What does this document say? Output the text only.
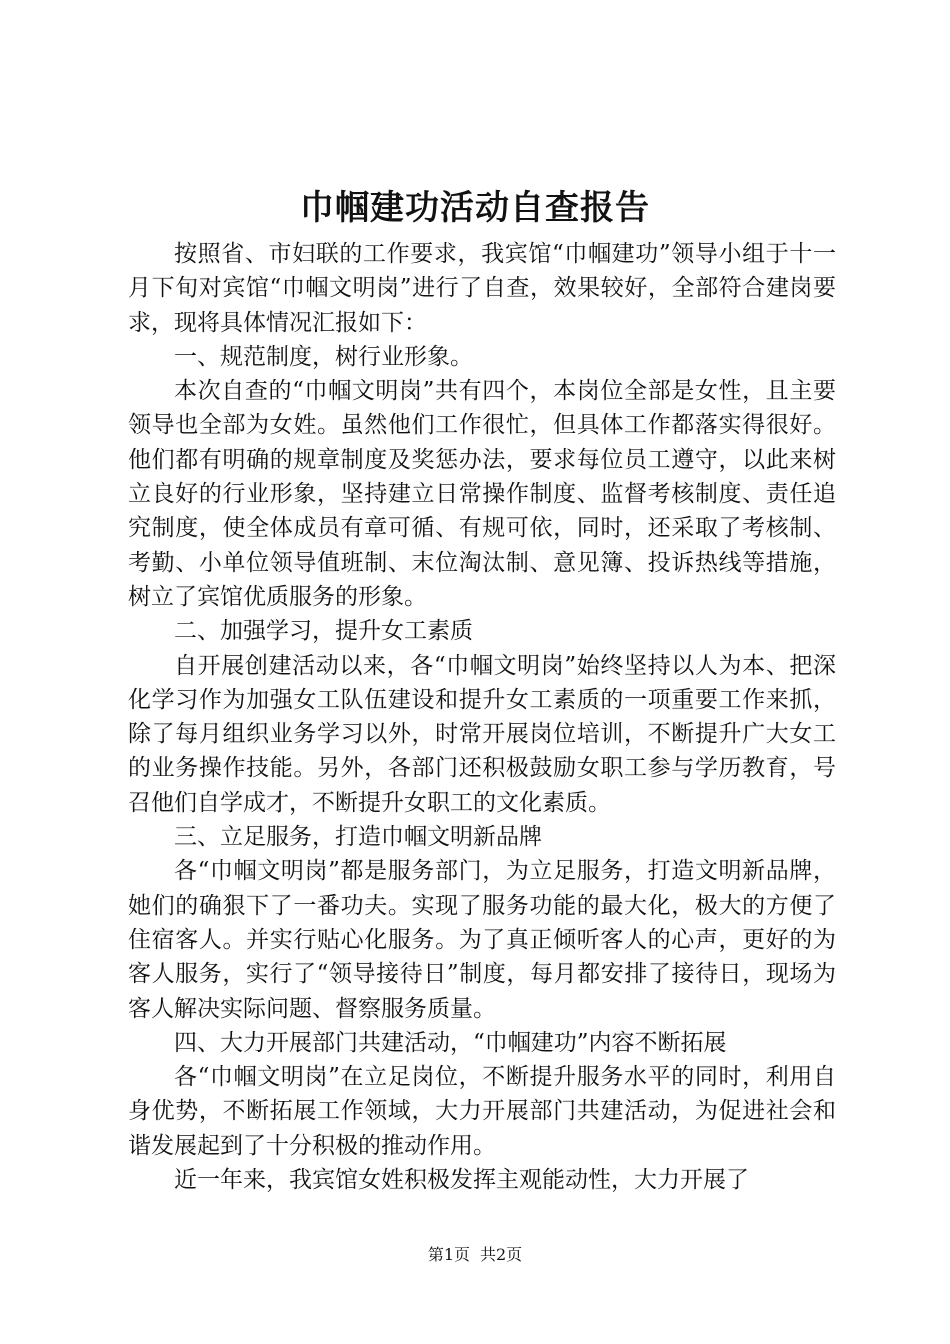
巾帼建功活动自查报告

按照省、市妇联的工作要求，我宾馆“巾帼建功”领导小组于十一月下旬对宾馆“巾帼文明岗”进行了自查，效果较好，全部符合建岗要求，现将具体情况汇报如下：

一、规范制度，树行业形象。

本次自查的“巾帼文明岗”共有四个，本岗位全部是女性，且主要领导也全部为女姓。虽然他们工作很忙，但具体工作都落实得很好。他们都有明确的规章制度及奖惩办法，要求每位员工遵守，以此来树立良好的行业形象，坚持建立日常操作制度、监督考核制度、责任追究制度，使全体成员有章可循、有规可依，同时，还采取了考核制、考勤、小单位领导值班制、末位淘汰制、意见簿、投诉热线等措施，树立了宾馆优质服务的形象。

二、加强学习，提升女工素质

自开展创建活动以来，各“巾帼文明岗”始终坚持以人为本、把深化学习作为加强女工队伍建设和提升女工素质的一项重要工作来抓，除了每月组织业务学习以外，时常开展岗位培训，不断提升广大女工的业务操作技能。另外，各部门还积极鼓励女职工参与学历教育，号召他们自学成才，不断提升女职工的文化素质。

三、立足服务，打造巾帼文明新品牌

各“巾帼文明岗”都是服务部门，为立足服务，打造文明新品牌，她们的确狠下了一番功夫。实现了服务功能的最大化，极大的方便了住宿客人。并实行贴心化服务。为了真正倾听客人的心声，更好的为客人服务，实行了“领导接待日”制度，每月都安排了接待日，现场为客人解决实际问题、督察服务质量。

四、大力开展部门共建活动，“巾帼建功”内容不断拓展

各“巾帼文明岗”在立足岗位，不断提升服务水平的同时，利用自身优势，不断拓展工作领域，大力开展部门共建活动，为促进社会和谐发展起到了十分积极的推动作用。

近一年来，我宾馆女姓积极发挥主观能动性，大力开展了

第1页 共2页
